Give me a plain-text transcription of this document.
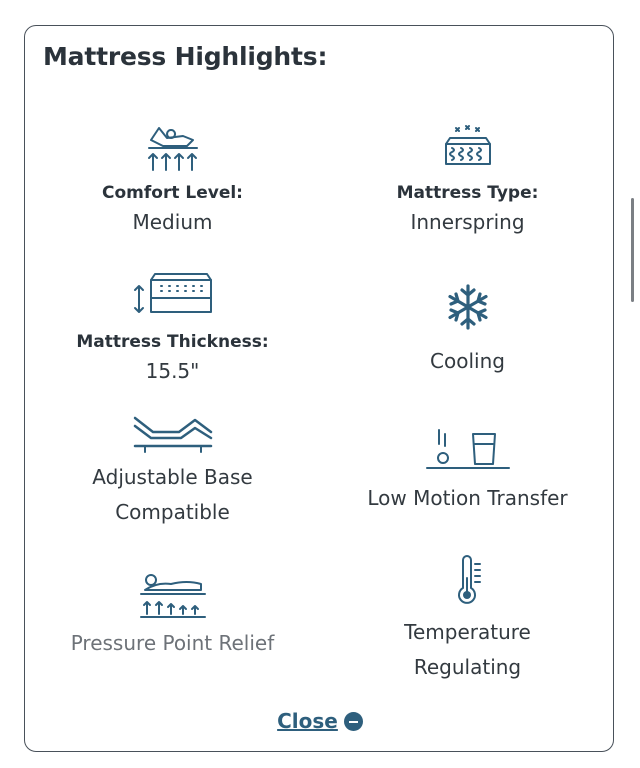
Mattress Highlights:
Comfort Level:
Medium
Mattress Type:
Innerspring
Mattress Thickness:
15.5"	Cooling
Adjustable Base
Compatible
Low Motion Transfer
Pressure Point Relief	Temperature
Regulating
Close
